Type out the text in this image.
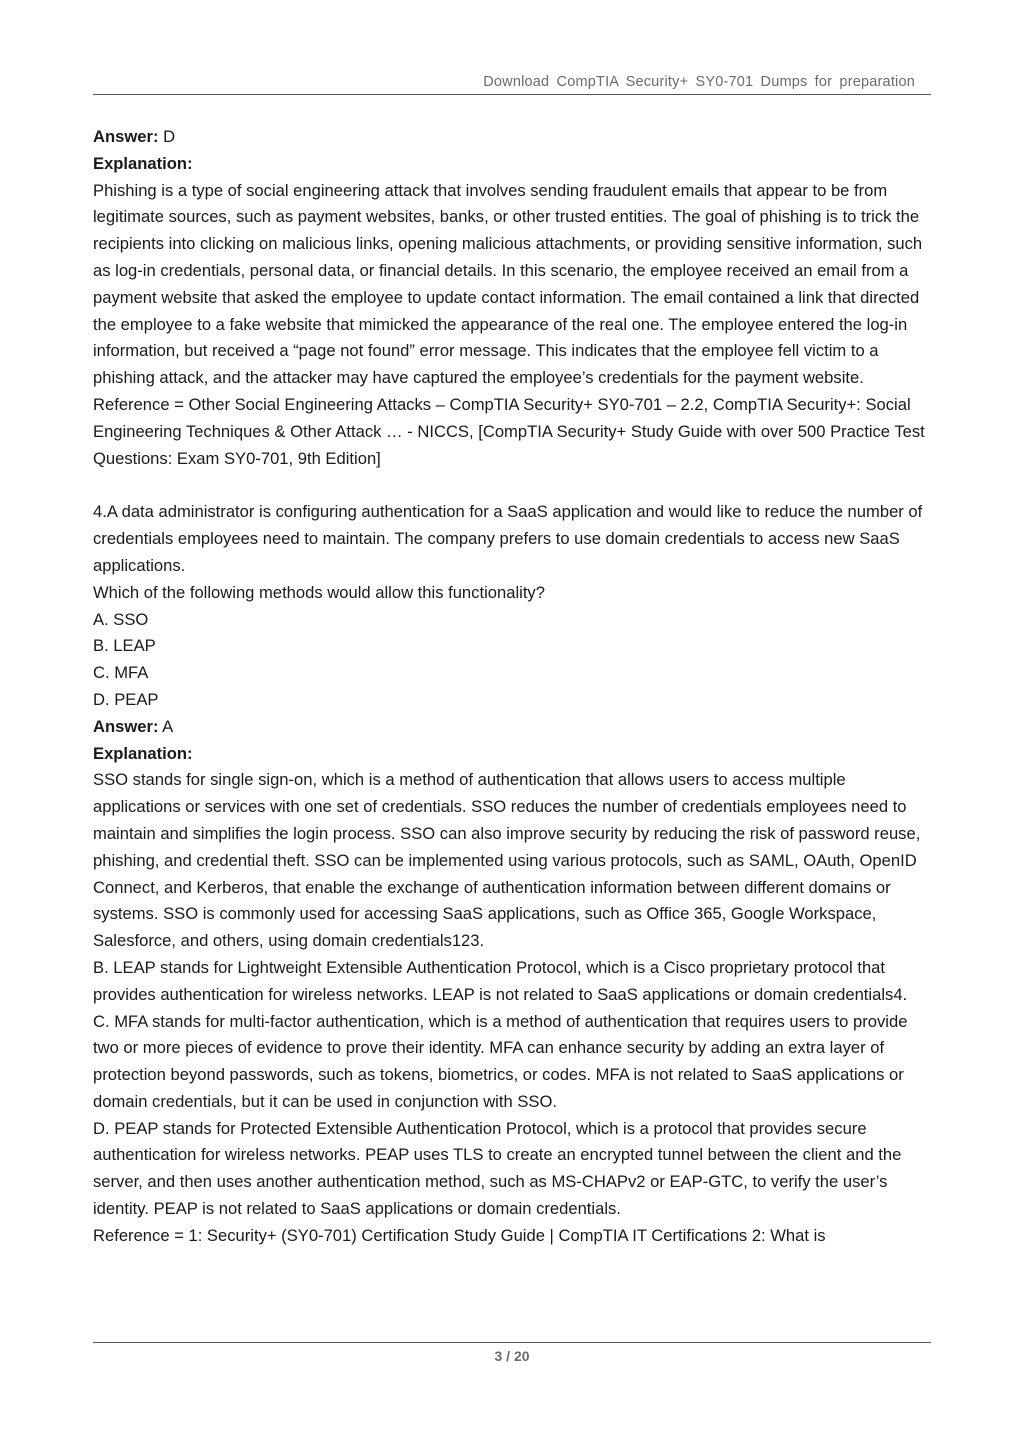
Download CompTIA Security+ SY0-701 Dumps for preparation

Answer: D

Explanation:

Phishing is a type of social engineering attack that involves sending fraudulent emails that appear to be from legitimate sources, such as payment websites, banks, or other trusted entities. The goal of phishing is to trick the recipients into clicking on malicious links, opening malicious attachments, or providing sensitive information, such as log-in credentials, personal data, or financial details. In this scenario, the employee received an email from a payment website that asked the employee to update contact information. The email contained a link that directed the employee to a fake website that mimicked the appearance of the real one. The employee entered the log-in information, but received a “page not found” error message. This indicates that the employee fell victim to a phishing attack, and the attacker may have captured the employee’s credentials for the payment website.

Reference = Other Social Engineering Attacks – CompTIA Security+ SY0-701 – 2.2, CompTIA Security+: Social Engineering Techniques & Other Attack … - NICCS, [CompTIA Security+ Study Guide with over 500 Practice Test Questions: Exam SY0-701, 9th Edition]

4.A data administrator is configuring authentication for a SaaS application and would like to reduce the number of credentials employees need to maintain. The company prefers to use domain credentials to access new SaaS applications.

Which of the following methods would allow this functionality?

A. SSO

B. LEAP

C. MFA

D. PEAP

Answer: A

Explanation:

SSO stands for single sign-on, which is a method of authentication that allows users to access multiple applications or services with one set of credentials. SSO reduces the number of credentials employees need to maintain and simplifies the login process. SSO can also improve security by reducing the risk of password reuse, phishing, and credential theft. SSO can be implemented using various protocols, such as SAML, OAuth, OpenID Connect, and Kerberos, that enable the exchange of authentication information between different domains or systems. SSO is commonly used for accessing SaaS applications, such as Office 365, Google Workspace, Salesforce, and others, using domain credentials123.

B. LEAP stands for Lightweight Extensible Authentication Protocol, which is a Cisco proprietary protocol that provides authentication for wireless networks. LEAP is not related to SaaS applications or domain credentials4.

C. MFA stands for multi-factor authentication, which is a method of authentication that requires users to provide two or more pieces of evidence to prove their identity. MFA can enhance security by adding an extra layer of protection beyond passwords, such as tokens, biometrics, or codes. MFA is not related to SaaS applications or domain credentials, but it can be used in conjunction with SSO.

D. PEAP stands for Protected Extensible Authentication Protocol, which is a protocol that provides secure authentication for wireless networks. PEAP uses TLS to create an encrypted tunnel between the client and the server, and then uses another authentication method, such as MS-CHAPv2 or EAP-GTC, to verify the user’s identity. PEAP is not related to SaaS applications or domain credentials.

Reference = 1: Security+ (SY0-701) Certification Study Guide | CompTIA IT Certifications 2: What is

3 / 20
